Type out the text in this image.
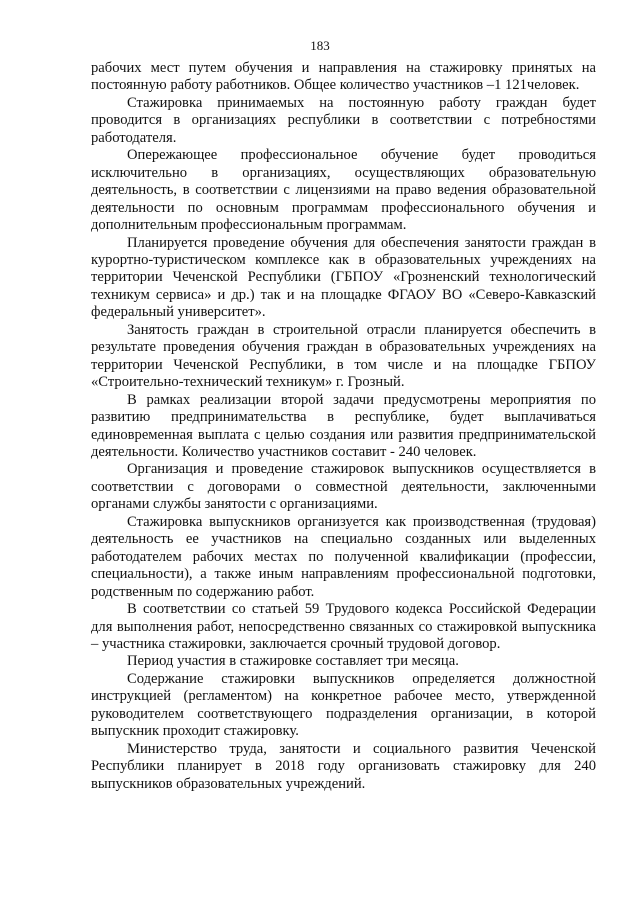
183

рабочих мест путем обучения и направления на стажировку принятых на постоянную работу работников. Общее количество участников –1 121человек.

Стажировка принимаемых на постоянную работу граждан будет проводится в организациях республики в соответствии с потребностями работодателя.

Опережающее профессиональное обучение будет проводиться исключительно в организациях, осуществляющих образовательную деятельность, в соответствии с лицензиями на право ведения образовательной деятельности по основным программам профессионального обучения и дополнительным профессиональным программам.

Планируется проведение обучения для обеспечения занятости граждан в курортно-туристическом комплексе как в образовательных учреждениях на территории Чеченской Республики (ГБПОУ «Грозненский технологический техникум сервиса» и др.) так и на площадке ФГАОУ ВО «Северо-Кавказский федеральный университет».

Занятость граждан в строительной отрасли планируется обеспечить в результате проведения обучения граждан в образовательных учреждениях на территории Чеченской Республики, в том числе и на площадке ГБПОУ «Строительно-технический техникум» г. Грозный.

В рамках реализации второй задачи предусмотрены мероприятия по развитию предпринимательства в республике, будет выплачиваться единовременная выплата с целью создания или развития предпринимательской деятельности. Количество участников составит - 240 человек.

Организация и проведение стажировок выпускников осуществляется в соответствии с договорами о совместной деятельности, заключенными органами службы занятости с организациями.

Стажировка выпускников организуется как производственная (трудовая) деятельность ее участников на специально созданных или выделенных работодателем рабочих местах по полученной квалификации (профессии, специальности), а также иным направлениям профессиональной подготовки, родственным по содержанию работ.

В соответствии со статьей 59 Трудового кодекса Российской Федерации для выполнения работ, непосредственно связанных со стажировкой выпускника – участника стажировки, заключается срочный трудовой договор.

Период участия в стажировке составляет три месяца.

Содержание стажировки выпускников определяется должностной инструкцией (регламентом) на конкретное рабочее место, утвержденной руководителем соответствующего подразделения организации, в которой выпускник проходит стажировку.

Министерство труда, занятости и социального развития Чеченской Республики планирует в 2018 году организовать стажировку для 240 выпускников образовательных учреждений.
